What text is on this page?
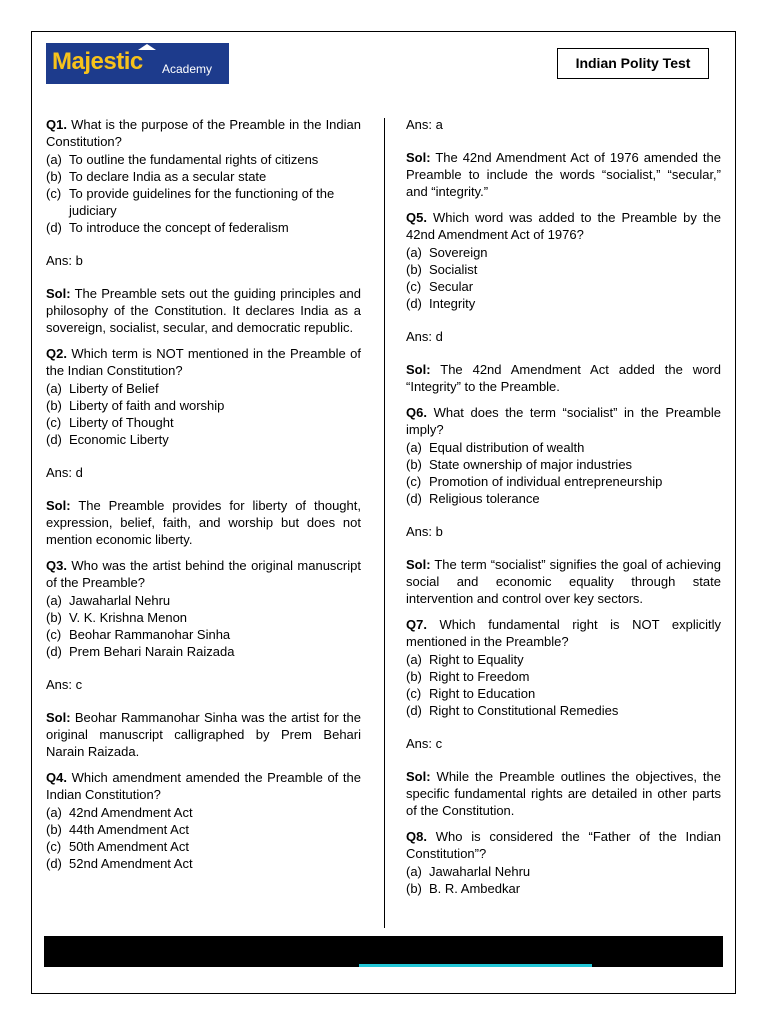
Majestic Academy	Indian Polity Test

Q1. What is the purpose of the Preamble in the Indian Constitution?

(a) To outline the fundamental rights of citizens
(b) To declare India as a secular state
(c) To provide guidelines for the functioning of the judiciary
(d) To introduce the concept of federalism

Ans: b

Sol: The Preamble sets out the guiding principles and philosophy of the Constitution. It declares India as a sovereign, socialist, secular, and democratic republic.

Q2. Which term is NOT mentioned in the Preamble of the Indian Constitution?

(a) Liberty of Belief
(b) Liberty of faith and worship
(c) Liberty of Thought
(d) Economic Liberty

Ans: d

Sol: The Preamble provides for liberty of thought, expression, belief, faith, and worship but does not mention economic liberty.

Q3. Who was the artist behind the original manuscript of the Preamble?

(a) Jawaharlal Nehru
(b) V. K. Krishna Menon
(c) Beohar Rammanohar Sinha
(d) Prem Behari Narain Raizada

Ans: c

Sol: Beohar Rammanohar Sinha was the artist for the original manuscript calligraphed by Prem Behari Narain Raizada.

Q4. Which amendment amended the Preamble of the Indian Constitution?

(a) 42nd Amendment Act
(b) 44th Amendment Act
(c) 50th Amendment Act
(d) 52nd Amendment Act

Ans: a

Sol: The 42nd Amendment Act of 1976 amended the Preamble to include the words “socialist,” “secular,” and “integrity.”

Q5. Which word was added to the Preamble by the 42nd Amendment Act of 1976?

(a) Sovereign
(b) Socialist
(c) Secular
(d) Integrity

Ans: d

Sol: The 42nd Amendment Act added the word “Integrity” to the Preamble.

Q6. What does the term “socialist” in the Preamble imply?

(a) Equal distribution of wealth
(b) State ownership of major industries
(c) Promotion of individual entrepreneurship
(d) Religious tolerance

Ans: b

Sol: The term “socialist” signifies the goal of achieving social and economic equality through state intervention and control over key sectors.

Q7. Which fundamental right is NOT explicitly mentioned in the Preamble?

(a) Right to Equality
(b) Right to Freedom
(c) Right to Education
(d) Right to Constitutional Remedies

Ans: c

Sol: While the Preamble outlines the objectives, the specific fundamental rights are detailed in other parts of the Constitution.

Q8. Who is considered the “Father of the Indian Constitution”?

(a) Jawaharlal Nehru
(b) B. R. Ambedkar
